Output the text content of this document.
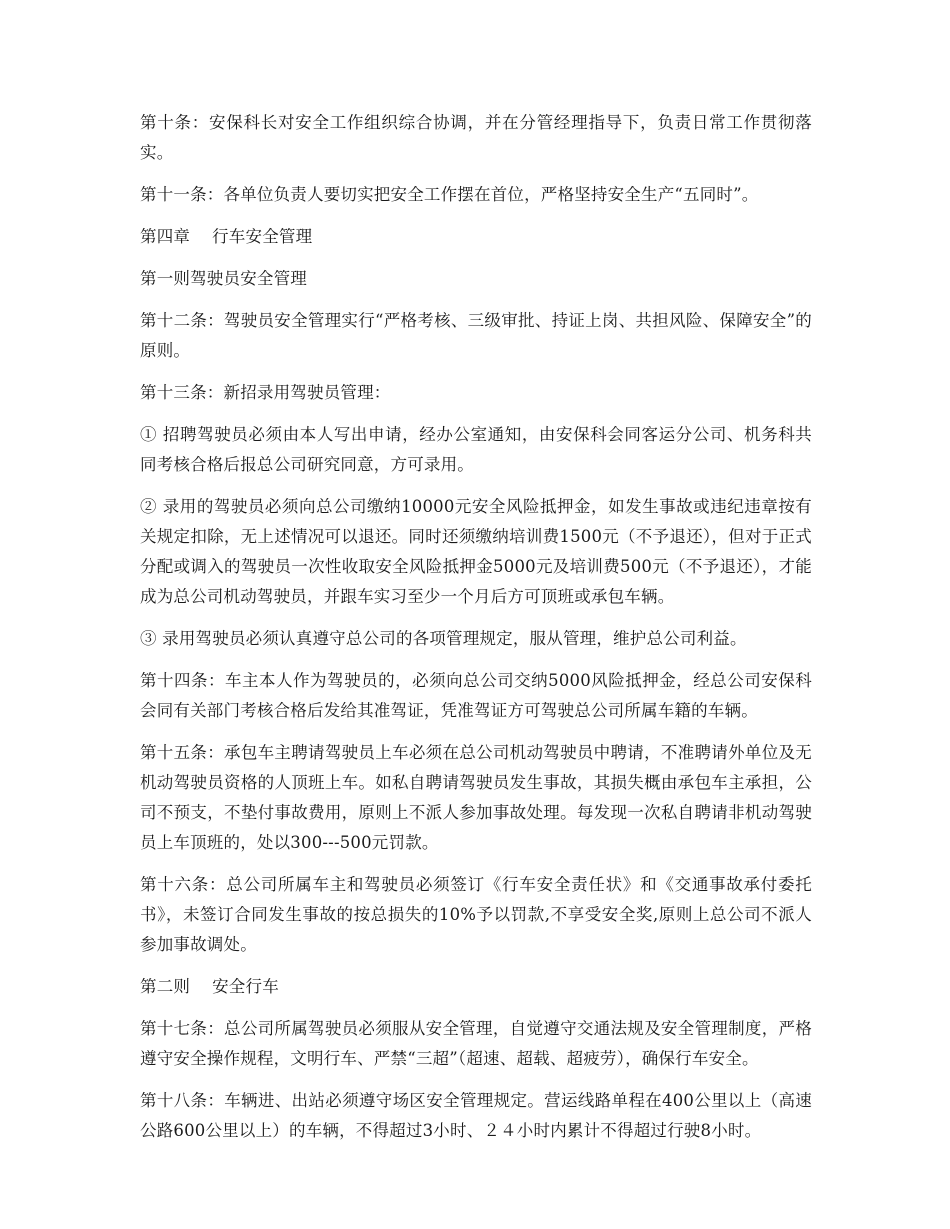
第十条：安保科长对安全工作组织综合协调，并在分管经理指导下，负责日常工作贯彻落实。

第十一条：各单位负责人要切实把安全工作摆在首位，严格坚持安全生产“五同时”。

第四章 行车安全管理

第一则驾驶员安全管理

第十二条：驾驶员安全管理实行“严格考核、三级审批、持证上岗、共担风险、保障安全”的原则。

第十三条：新招录用驾驶员管理：

① 招聘驾驶员必须由本人写出申请，经办公室通知，由安保科会同客运分公司、机务科共同考核合格后报总公司研究同意，方可录用。

② 录用的驾驶员必须向总公司缴纳10000元安全风险抵押金，如发生事故或违纪违章按有关规定扣除，无上述情况可以退还。同时还须缴纳培训费1500元（不予退还），但对于正式分配或调入的驾驶员一次性收取安全风险抵押金5000元及培训费500元（不予退还），才能成为总公司机动驾驶员，并跟车实习至少一个月后方可顶班或承包车辆。

③ 录用驾驶员必须认真遵守总公司的各项管理规定，服从管理，维护总公司利益。

第十四条：车主本人作为驾驶员的，必须向总公司交纳5000风险抵押金，经总公司安保科会同有关部门考核合格后发给其准驾证，凭准驾证方可驾驶总公司所属车籍的车辆。

第十五条：承包车主聘请驾驶员上车必须在总公司机动驾驶员中聘请，不准聘请外单位及无机动驾驶员资格的人顶班上车。如私自聘请驾驶员发生事故，其损失概由承包车主承担，公司不预支，不垫付事故费用，原则上不派人参加事故处理。每发现一次私自聘请非机动驾驶员上车顶班的，处以300---500元罚款。

第十六条：总公司所属车主和驾驶员必须签订《行车安全责任状》和《交通事故承付委托书》，未签订合同发生事故的按总损失的10%予以罚款,不享受安全奖,原则上总公司不派人参加事故调处。

第二则 安全行车

第十七条：总公司所属驾驶员必须服从安全管理，自觉遵守交通法规及安全管理制度，严格遵守安全操作规程，文明行车、严禁“三超”（超速、超载、超疲劳），确保行车安全。

第十八条：车辆进、出站必须遵守场区安全管理规定。营运线路单程在400公里以上（高速公路600公里以上）的车辆，不得超过3小时、２４小时内累计不得超过行驶8小时。
